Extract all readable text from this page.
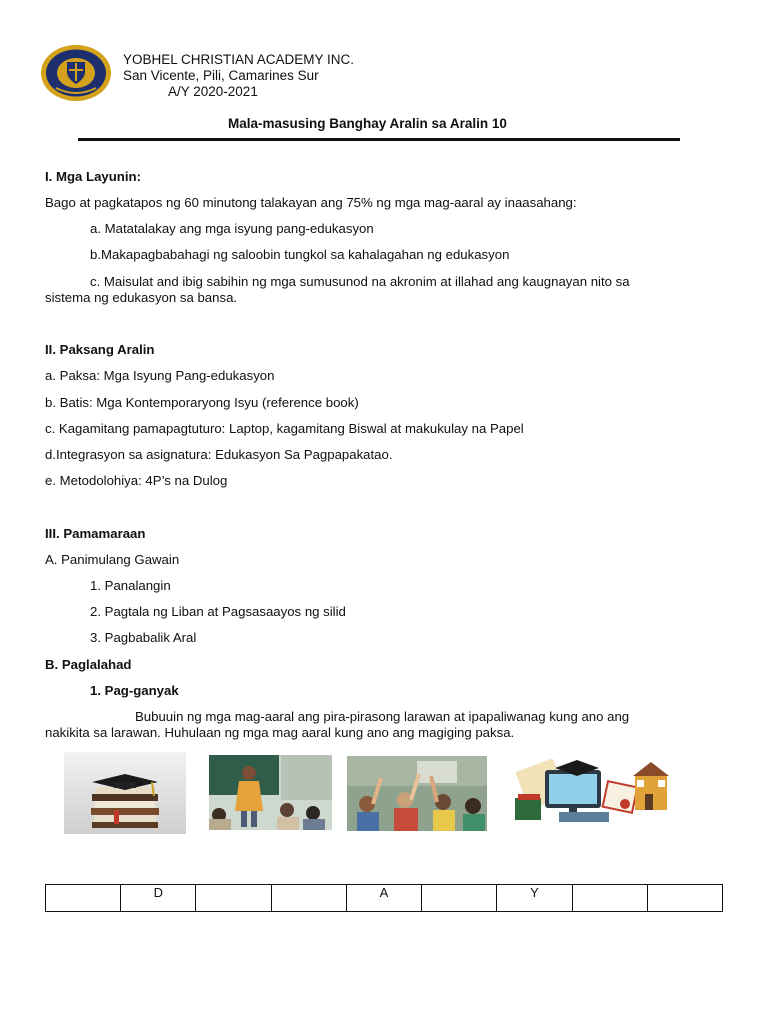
YOBHEL CHRISTIAN ACADEMY INC.
San Vicente, Pili, Camarines Sur
A/Y 2020-2021
Mala-masusing Banghay Aralin sa Aralin 10
I. Mga Layunin:
Bago at pagkatapos ng 60 minutong talakayan ang 75% ng mga mag-aaral ay inaasahang:
a. Matatalakay ang mga isyung pang-edukasyon
b.Makapagbabahagi ng saloobin tungkol sa kahalagahan ng edukasyon
c. Maisulat and ibig sabihin ng mga sumusunod na akronim at illahad ang kaugnayan nito sa
sistema ng edukasyon sa bansa.
II. Paksang Aralin
a. Paksa: Mga Isyung Pang-edukasyon
b. Batis: Mga Kontemporaryong Isyu (reference book)
c. Kagamitang pamapagtuturo: Laptop, kagamitang Biswal at makukulay na Papel
d.Integrasyon sa asignatura: Edukasyon Sa Pagpapakatao.
e. Metodolohiya: 4P’s na Dulog
III. Pamamaraan
A. Panimulang Gawain
1. Panalangin
2. Pagtala ng Liban at Pagsasaayos ng silid
3. Pagbabalik Aral
B. Paglalahad
1. Pag-ganyak
Bubuuin ng mga mag-aaral ang pira-pirasong larawan at ipapaliwanag kung ano ang
nakikita sa larawan. Huhulaan ng mga mag aaral kung ano ang magiging paksa.
	D			A		Y		
